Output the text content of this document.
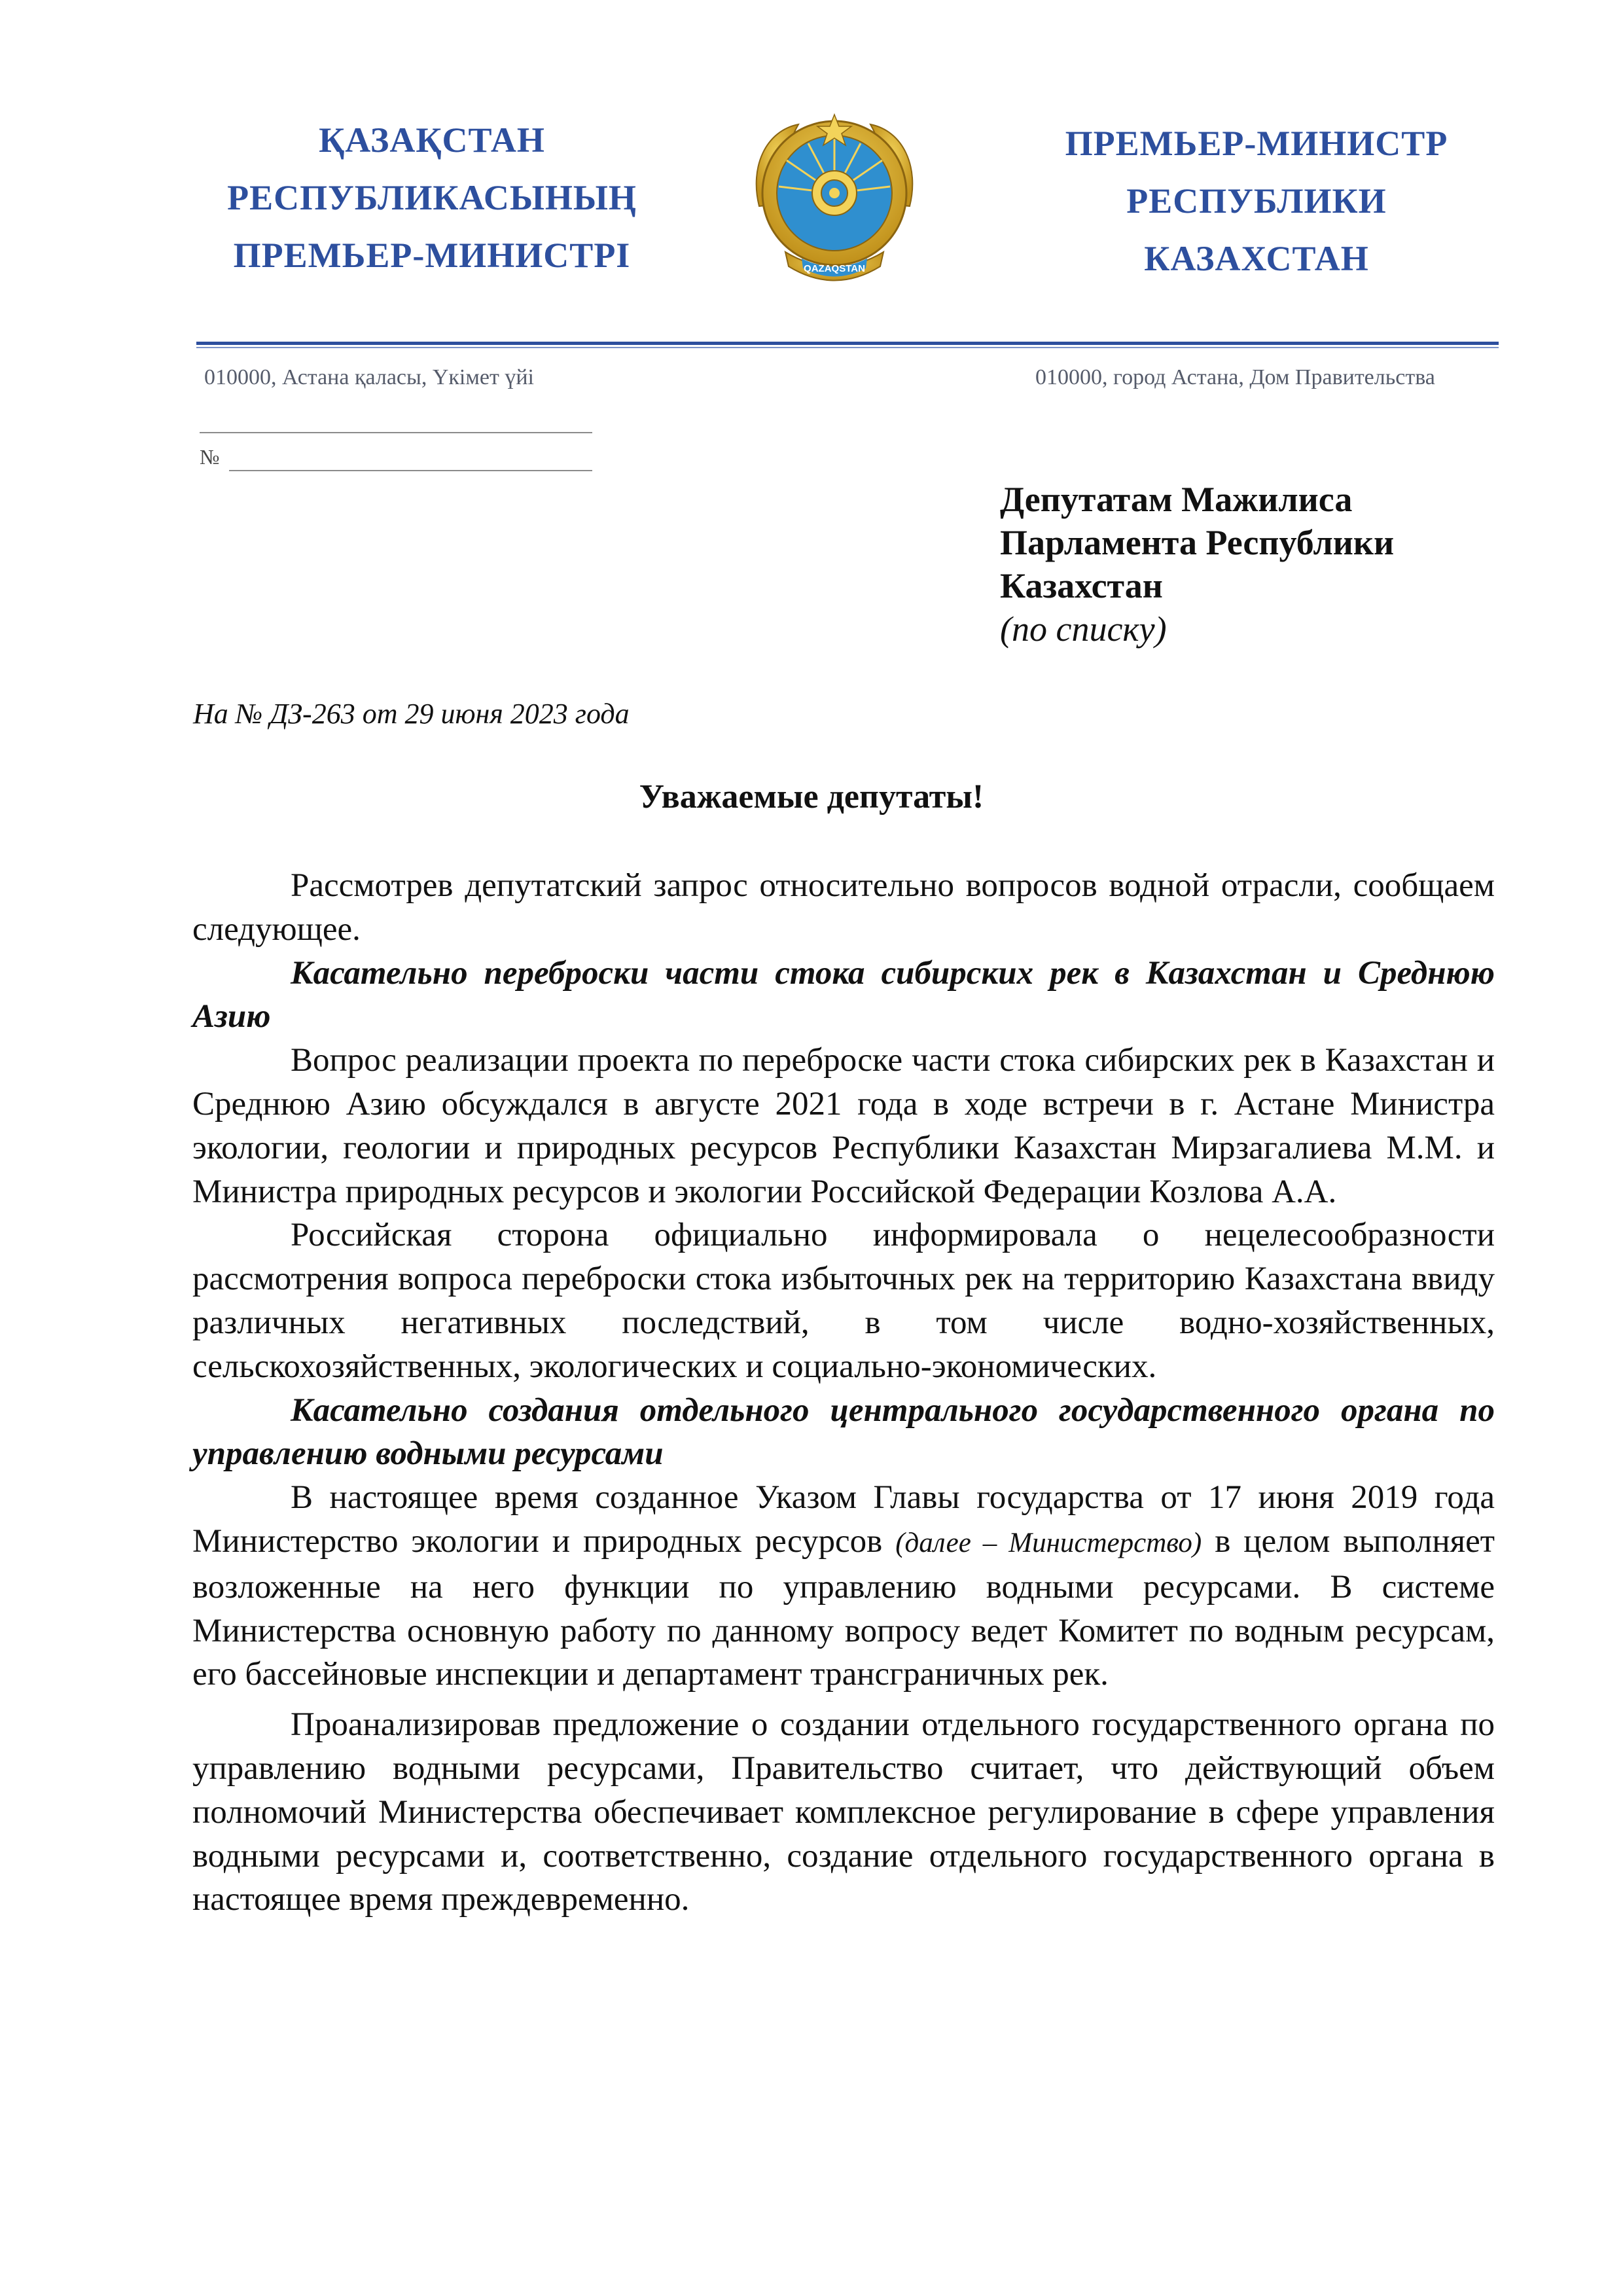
ҚАЗАҚСТАН
РЕСПУБЛИКАСЫНЫҢ
ПРЕМЬЕР-МИНИСТРІ	QAZAQSTAN
ПРЕМЬЕР-МИНИСТР
РЕСПУБЛИКИ
КАЗАХСТАН
010000, Астана қаласы, Үкімет үйі	010000, город Астана, Дом Правительства
№
Депутатам Мажилиса
Парламента Республики
Казахстан
(по списку)
На № ДЗ-263 от 29 июня 2023 года
Уважаемые депутаты!

Рассмотрев депутатский запрос относительно вопросов водной отрасли, сообщаем следующее.

Касательно переброски части стока сибирских рек в Казахстан и Среднюю Азию

Вопрос реализации проекта по переброске части стока сибирских рек в Казахстан и Среднюю Азию обсуждался в августе 2021 года в ходе встречи в г. Астане Министра экологии, геологии и природных ресурсов Республики Казахстан Мирзагалиева М.М. и Министра природных ресурсов и экологии Российской Федерации Козлова А.А.

Российская сторона официально информировала о нецелесообразности рассмотрения вопроса переброски стока избыточных рек на территорию Казахстана ввиду различных негативных последствий, в том числе водно-хозяйственных, сельскохозяйственных, экологических и социально-экономических.

Касательно создания отдельного центрального государственного органа по управлению водными ресурсами

В настоящее время созданное Указом Главы государства от 17 июня 2019 года Министерство экологии и природных ресурсов (далее – Министерство) в целом выполняет возложенные на него функции по управлению водными ресурсами. В системе Министерства основную работу по данному вопросу ведет Комитет по водным ресурсам, его бассейновые инспекции и департамент трансграничных рек.

Проанализировав предложение о создании отдельного государственного органа по управлению водными ресурсами, Правительство считает, что действующий объем полномочий Министерства обеспечивает комплексное регулирование в сфере управления водными ресурсами и, соответственно, создание отдельного государственного органа в настоящее время преждевременно.
